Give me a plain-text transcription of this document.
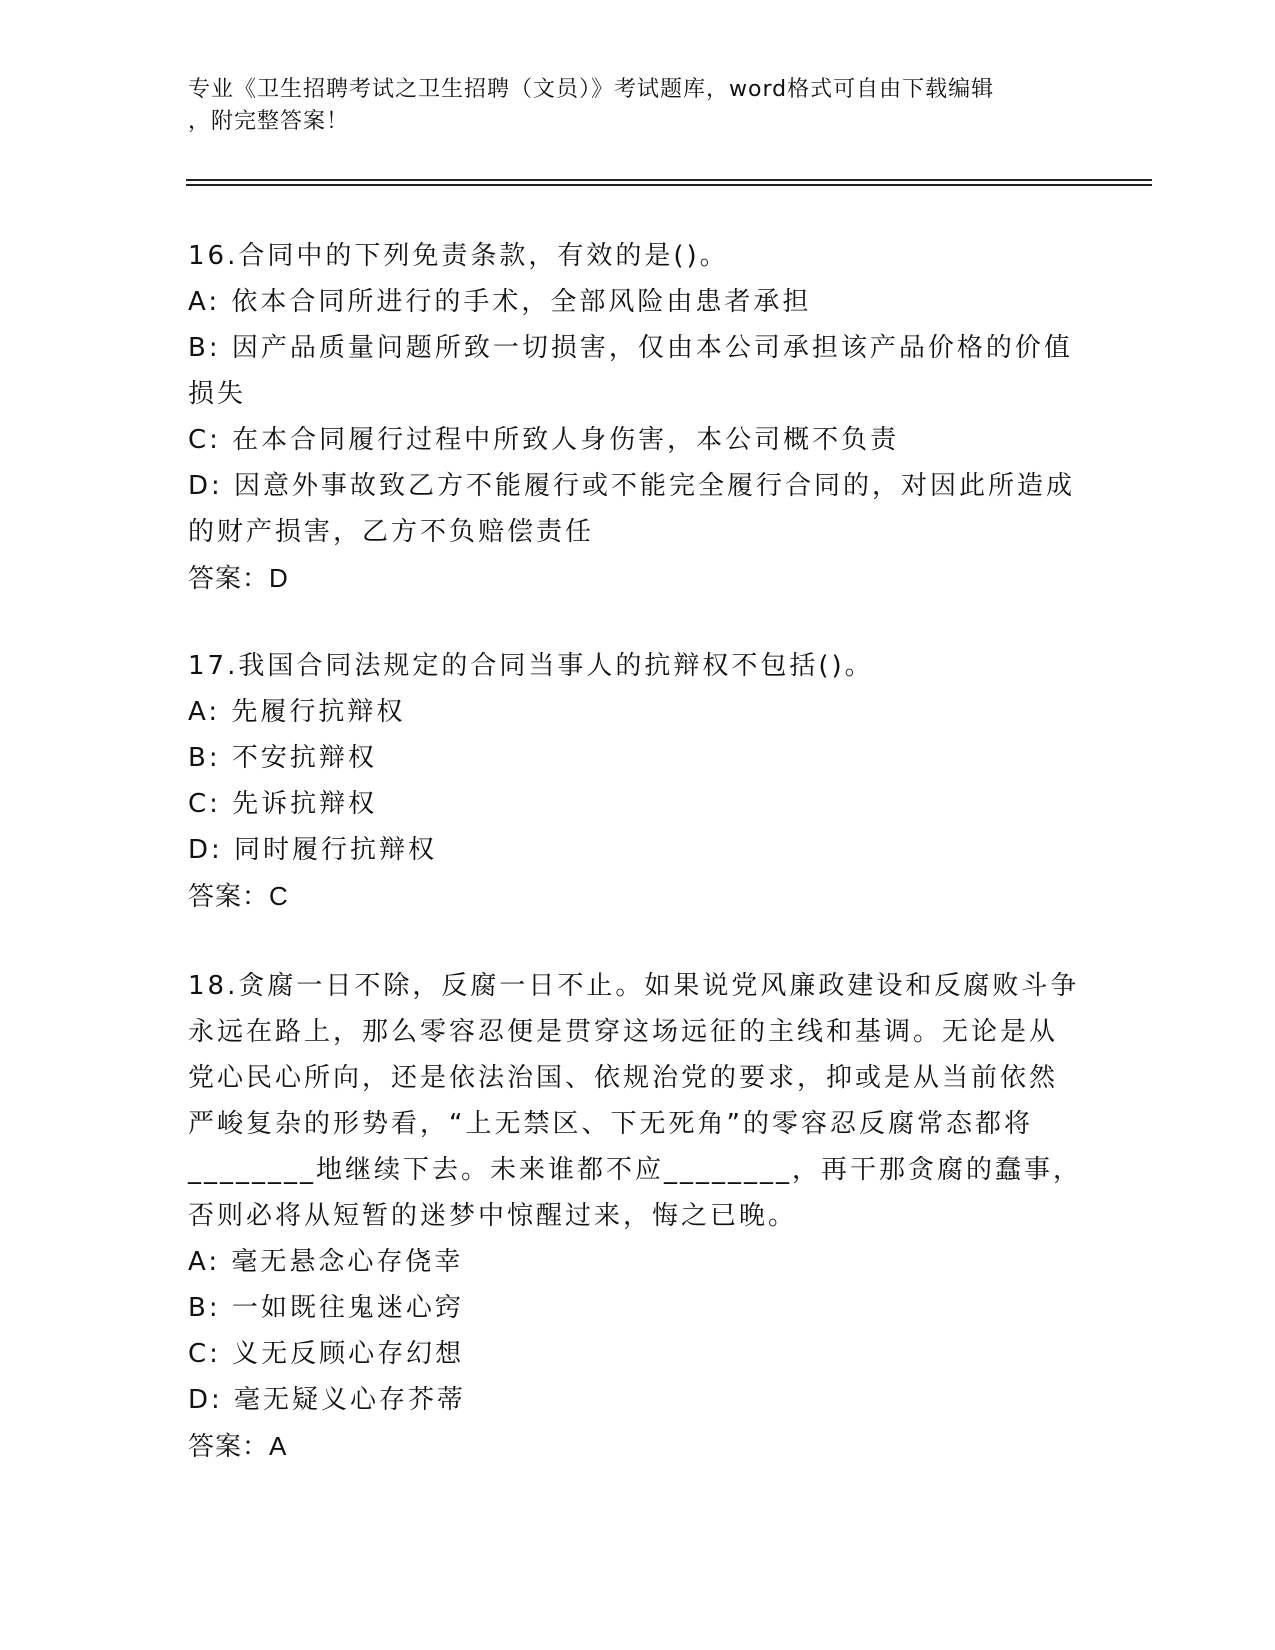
专业《卫生招聘考试之卫生招聘（文员）》考试题库，word格式可自由下载编辑
，附完整答案！
16.合同中的下列免责条款，有效的是()。
A: 依本合同所进行的手术，全部风险由患者承担
B: 因产品质量问题所致一切损害，仅由本公司承担该产品价格的价值
损失
C: 在本合同履行过程中所致人身伤害，本公司概不负责
D: 因意外事故致乙方不能履行或不能完全履行合同的，对因此所造成
的财产损害，乙方不负赔偿责任
答案：D
17.我国合同法规定的合同当事人的抗辩权不包括()。
A: 先履行抗辩权
B: 不安抗辩权
C: 先诉抗辩权
D: 同时履行抗辩权
答案：C
18.贪腐一日不除，反腐一日不止。如果说党风廉政建设和反腐败斗争
永远在路上，那么零容忍便是贯穿这场远征的主线和基调。无论是从
党心民心所向，还是依法治国、依规治党的要求，抑或是从当前依然
严峻复杂的形势看，“上无禁区、下无死角”的零容忍反腐常态都将
________地继续下去。未来谁都不应________，再干那贪腐的蠢事，
否则必将从短暂的迷梦中惊醒过来，悔之已晚。
A: 毫无悬念心存侥幸
B: 一如既往鬼迷心窍
C: 义无反顾心存幻想
D: 毫无疑义心存芥蒂
答案：A
